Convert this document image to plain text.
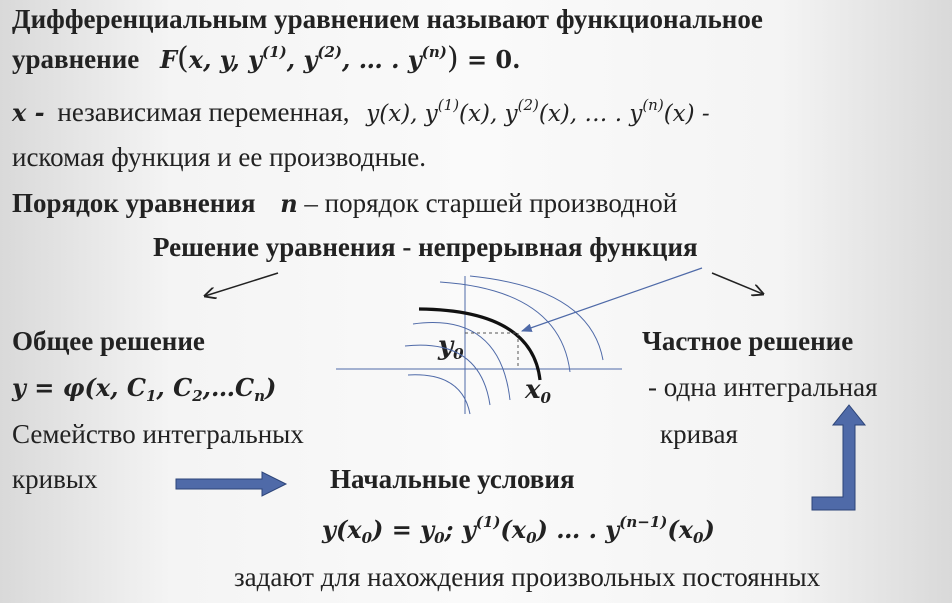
Дифференциальным уравнением называют функциональное
уравнение F(x, y, $y^{(1)}$, $y^{(2)}$, … . $y^{(n)}) = 0$.
x - независимая переменная, y(x), $y^{(1)}(x)$, $y^{(2)}(x)$, … . $y^{(n)}(x)$ -
искомая функция и ее производные.
Порядок уравнения n – порядок старшей производной
Решение уравнения - непрерывная функция
Общее решение
y = φ(x, $C_1$, $C_2,\dots C_n$)
Семейство интегральных
кривых
$y_0$
$x_0$
Частное решение
- одна интегральная
кривая
Начальные условия
$y(x_0) = y_0$; $y^{(1)}(x_0)$ … . $y^{(n-1)}(x_0)$
задают для нахождения произвольных постоянных
